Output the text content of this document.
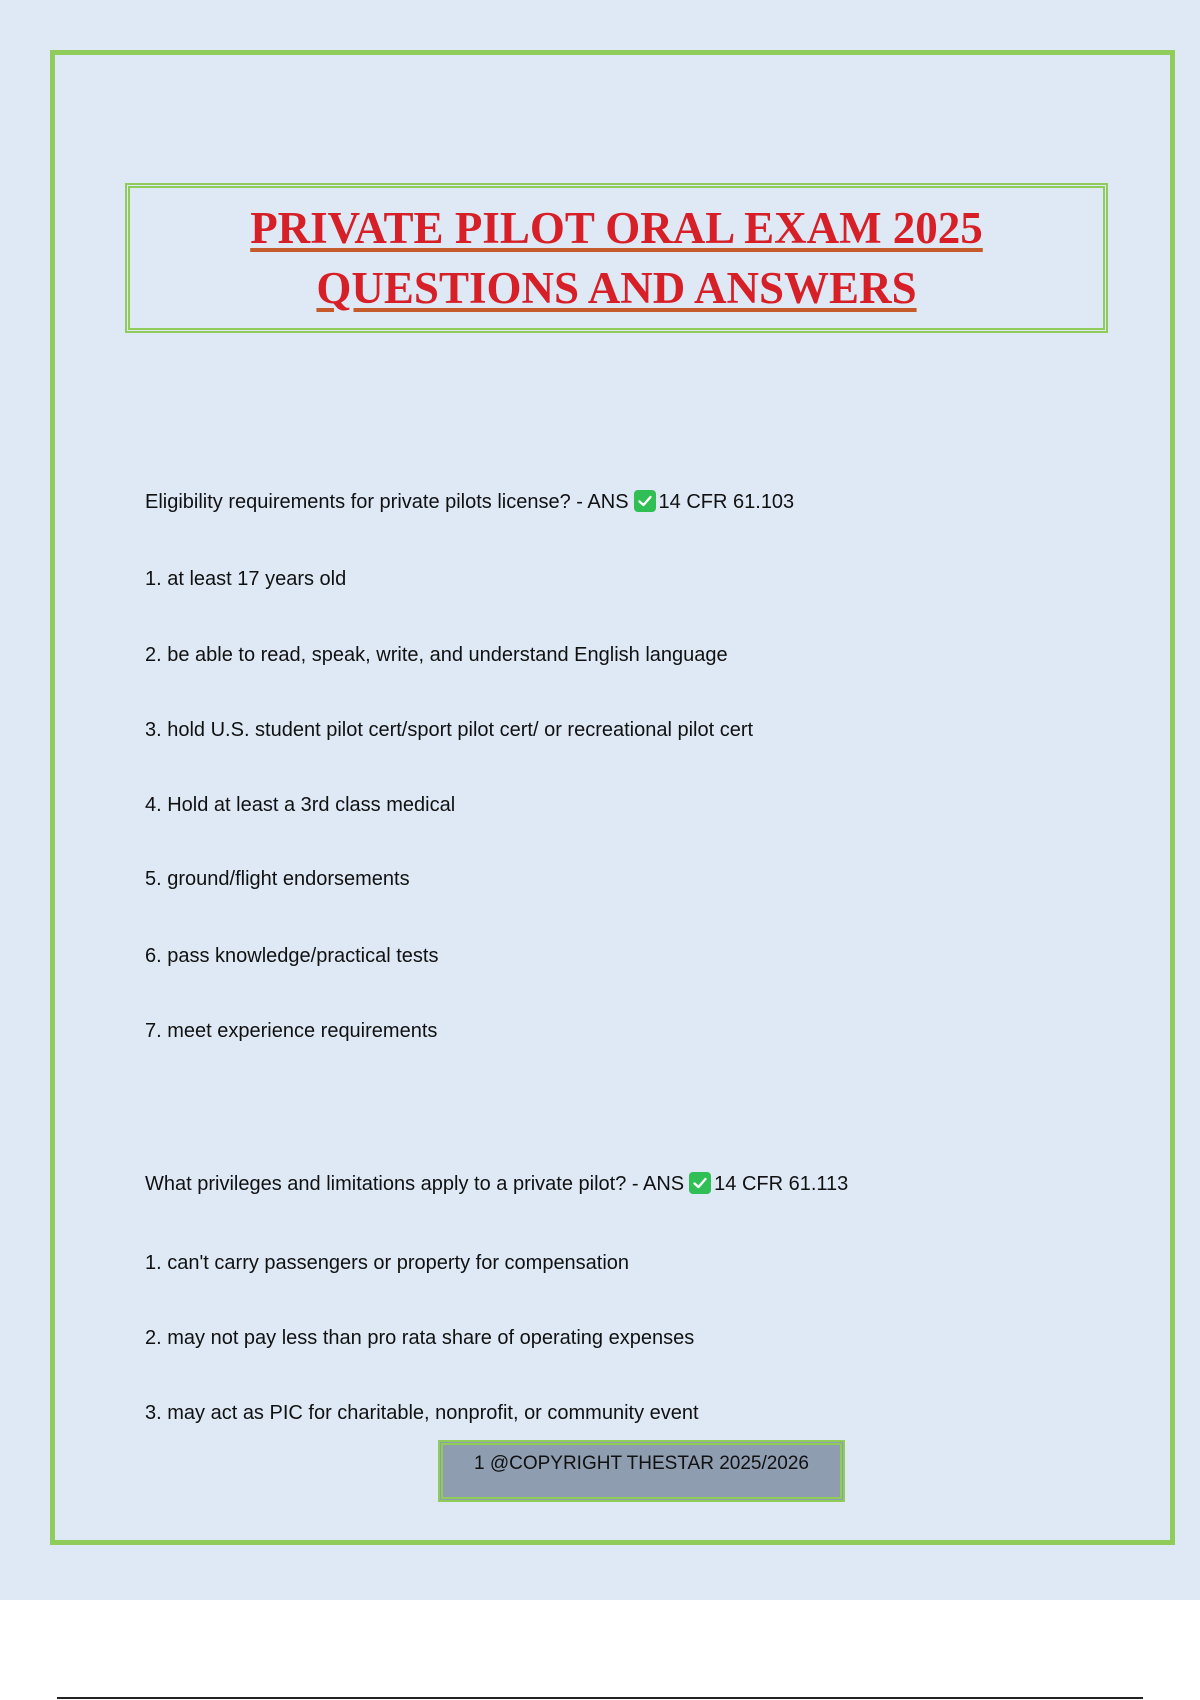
PRIVATE PILOT ORAL EXAM 2025
QUESTIONS AND ANSWERS
Eligibility requirements for private pilots license? - ANS 14 CFR 61.103
1. at least 17 years old
2. be able to read, speak, write, and understand English language
3. hold U.S. student pilot cert/sport pilot cert/ or recreational pilot cert
4. Hold at least a 3rd class medical
5. ground/flight endorsements
6. pass knowledge/practical tests
7. meet experience requirements
What privileges and limitations apply to a private pilot? - ANS 14 CFR 61.113
1. can't carry passengers or property for compensation
2. may not pay less than pro rata share of operating expenses
3. may act as PIC for charitable, nonprofit, or community event
1 @COPYRIGHT THESTAR 2025/2026
